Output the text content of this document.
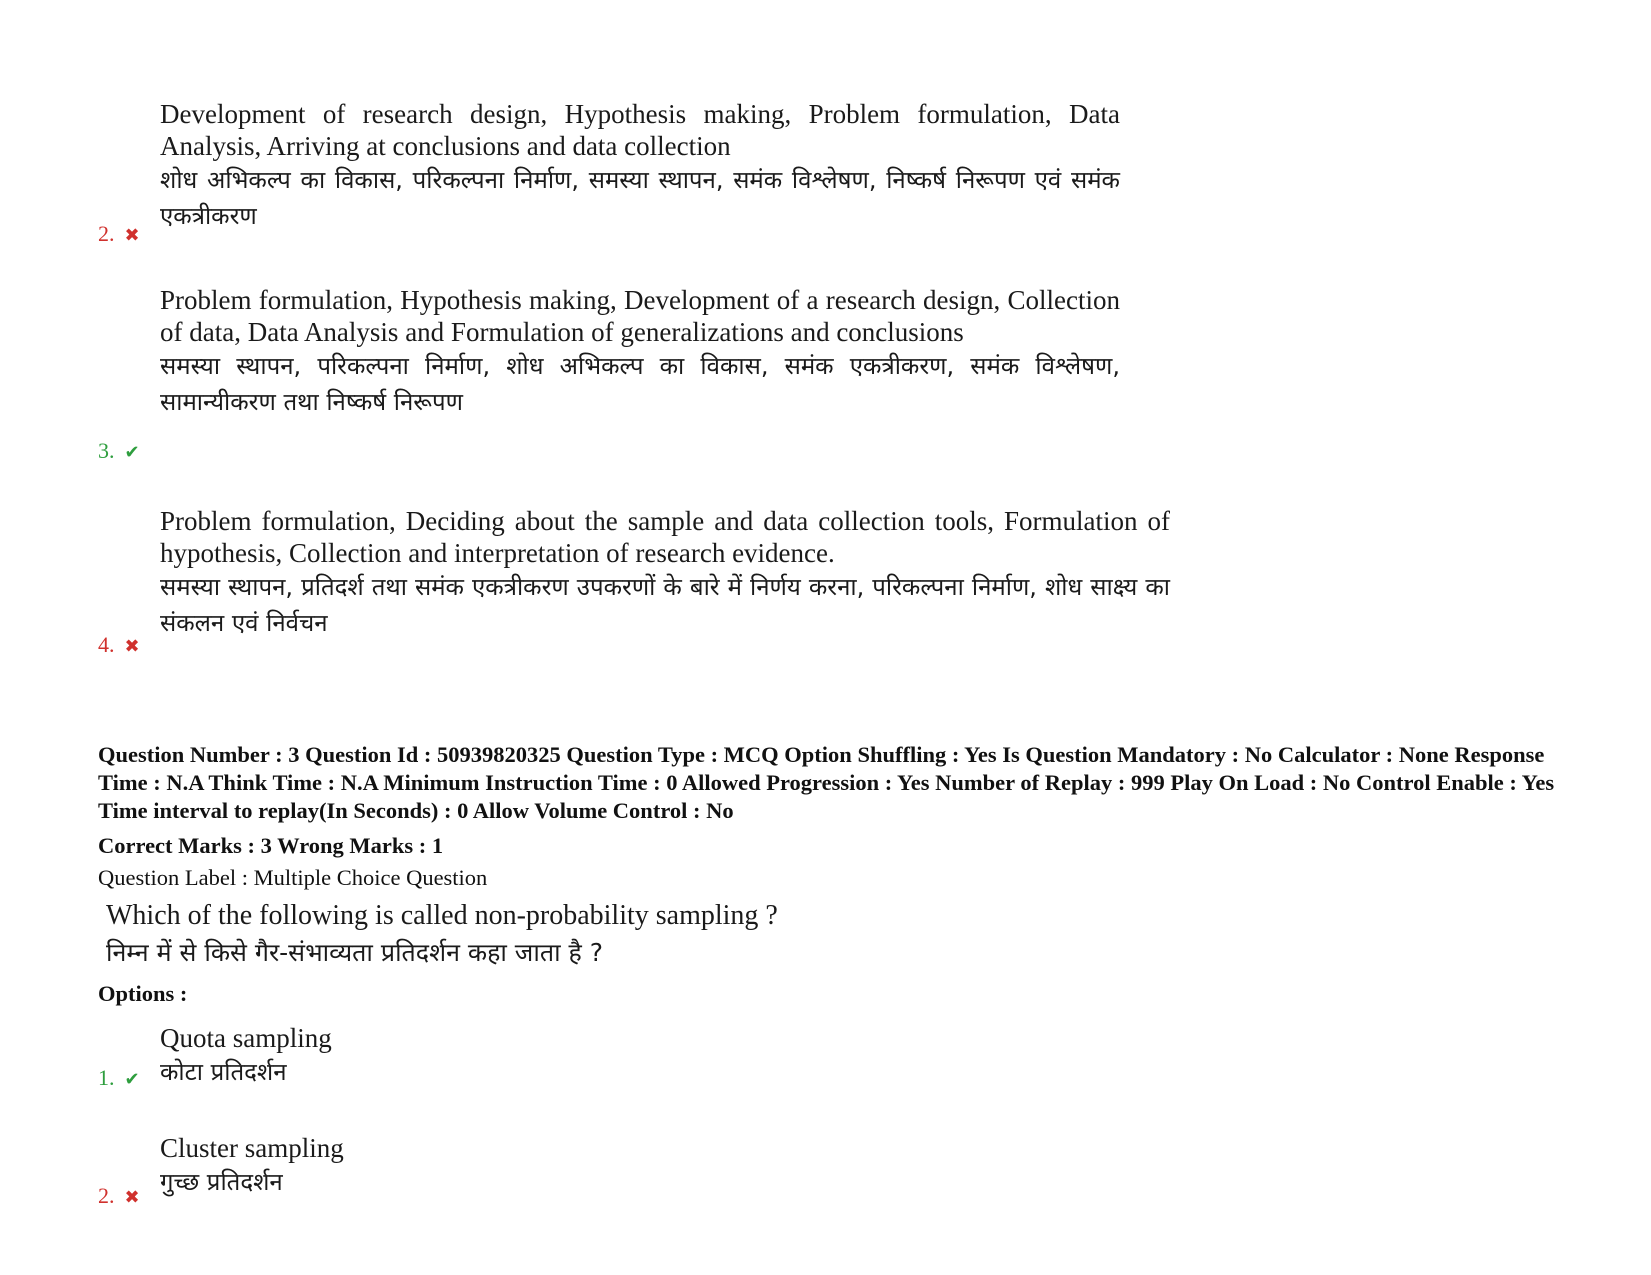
Development of research design, Hypothesis making, Problem formulation, Data Analysis, Arriving at conclusions and data collection
शोध अभिकल्प का विकास, परिकल्पना निर्माण, समस्या स्थापन, समंक विश्लेषण, निष्कर्ष निरूपण एवं समंक एकत्रीकरण
2. ✖
Problem formulation, Hypothesis making, Development of a research design, Collection of data, Data Analysis and Formulation of generalizations and conclusions
समस्या स्थापन, परिकल्पना निर्माण, शोध अभिकल्प का विकास, समंक एकत्रीकरण, समंक विश्लेषण, सामान्यीकरण तथा निष्कर्ष निरूपण
3. ✔
Problem formulation, Deciding about the sample and data collection tools, Formulation of hypothesis, Collection and interpretation of research evidence.
समस्या स्थापन, प्रतिदर्श तथा समंक एकत्रीकरण उपकरणों के बारे में निर्णय करना, परिकल्पना निर्माण, शोध साक्ष्य का संकलन एवं निर्वचन
4. ✖
Question Number : 3 Question Id : 50939820325 Question Type : MCQ Option Shuffling : Yes Is Question Mandatory : No Calculator : None Response Time : N.A Think Time : N.A Minimum Instruction Time : 0 Allowed Progression : Yes Number of Replay : 999 Play On Load : No Control Enable : Yes Time interval to replay(In Seconds) : 0 Allow Volume Control : No
Correct Marks : 3 Wrong Marks : 1
Question Label : Multiple Choice Question
Which of the following is called non-probability sampling ?
निम्न में से किसे गैर-संभाव्यता प्रतिदर्शन कहा जाता है ?
Options :
Quota sampling
कोटा प्रतिदर्शन
1. ✔
Cluster sampling
गुच्छ प्रतिदर्शन
2. ✖
